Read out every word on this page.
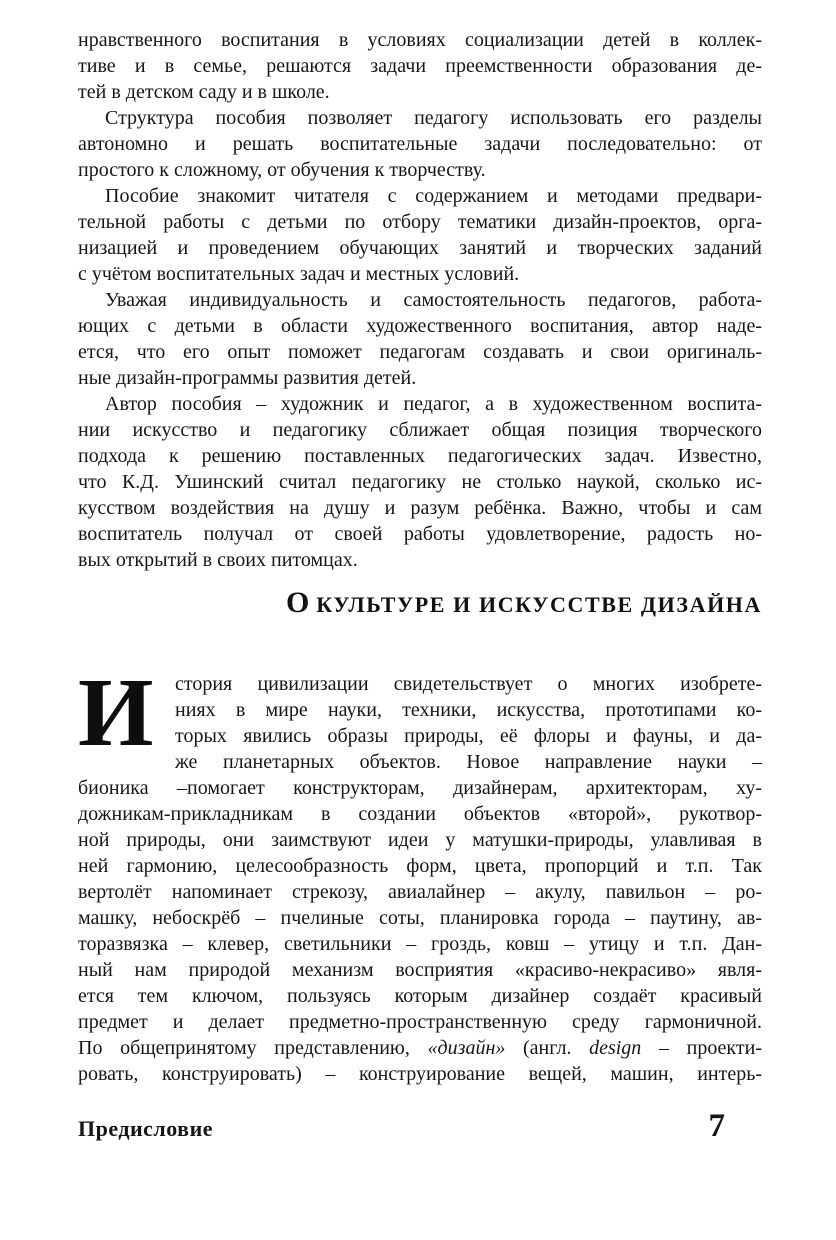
нравственного воспитания в условиях социализации детей в коллек-
тиве и в семье, решаются задачи преемственности образования де-
тей в детском саду и в школе.
Структура пособия позволяет педагогу использовать его разделы
автономно и решать воспитательные задачи последовательно: от
простого к сложному, от обучения к творчеству.
Пособие знакомит читателя с содержанием и методами предвари-
тельной работы с детьми по отбору тематики дизайн-проектов, орга-
низацией и проведением обучающих занятий и творческих заданий
с учётом воспитательных задач и местных условий.
Уважая индивидуальность и самостоятельность педагогов, работа-
ющих с детьми в области художественного воспитания, автор наде-
ется, что его опыт поможет педагогам создавать и свои оригиналь-
ные дизайн-программы развития детей.
Автор пособия – художник и педагог, а в художественном воспита-
нии искусство и педагогику сближает общая позиция творческого
подхода к решению поставленных педагогических задач. Известно,
что К.Д. Ушинский считал педагогику не столько наукой, сколько ис-
кусством воздействия на душу и разум ребёнка. Важно, чтобы и сам
воспитатель получал от своей работы удовлетворение, радость но-
вых открытий в своих питомцах.
О КУЛЬТУРЕ И ИСКУССТВЕ ДИЗАЙНА
И	стория цивилизации свидетельствует о многих изобрете-
ниях в мире науки, техники, искусства, прототипами ко-
торых явились образы природы, её флоры и фауны, и да-
же планетарных объектов. Новое направление науки –
бионика –помогает конструкторам, дизайнерам, архитекторам, ху-
дожникам-прикладникам в создании объектов «второй», рукотвор-
ной природы, они заимствуют идеи у матушки-природы, улавливая в
ней гармонию, целесообразность форм, цвета, пропорций и т.п. Так
вертолёт напоминает стрекозу, авиалайнер – акулу, павильон – ро-
машку, небоскрёб – пчелиные соты, планировка города – паутину, ав-
торазвязка – клевер, светильники – гроздь, ковш – утицу и т.п. Дан-
ный нам природой механизм восприятия «красиво-некрасиво» явля-
ется тем ключом, пользуясь которым дизайнер создаёт красивый
предмет и делает предметно-пространственную среду гармоничной.
По общепринятому представлению, «дизайн» (англ. design – проекти-
ровать, конструировать) – конструирование вещей, машин, интерь-
Предисловие	7
